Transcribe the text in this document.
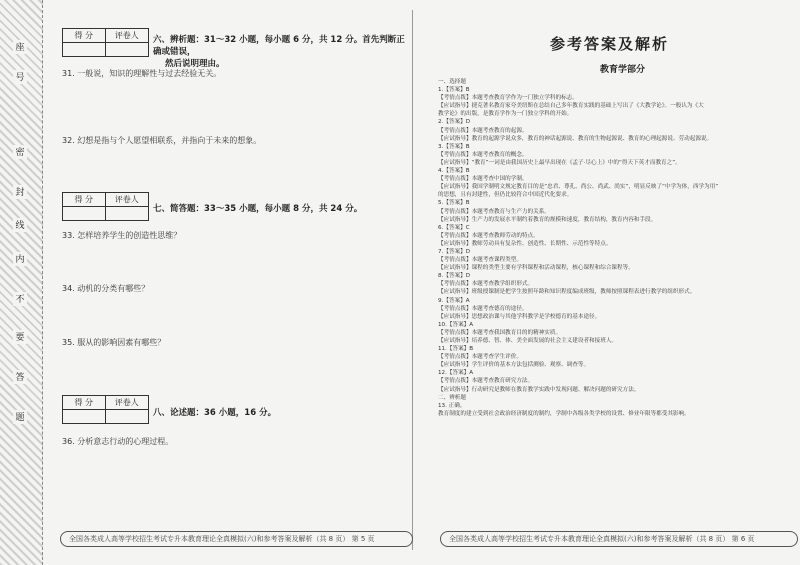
座
号
密
封
线
内
不
要
答
题
得 分	评卷人	六、辨析题：31～32 小题，每小题 6 分，共 12 分。首先判断正确或错误，
然后说明理由。
31. 一般说，知识的理解性与过去经验无关。
32. 幻想是指与个人愿望相联系，并指向于未来的想象。
得 分	评卷人
七、简答题：33～35 小题，每小题 8 分，共 24 分。
33. 怎样培养学生的创造性思维？
34. 动机的分类有哪些？
35. 服从的影响因素有哪些？
得 分	评卷人
八、论述题：36 小题，16 分。
36. 分析意志行动的心理过程。
全国各类成人高等学校招生考试专升本教育理论全真模拟(六)和参考答案及解析（共 8 页） 第 5 页
参考答案及解析
教育学部分
一、选择题
1.【答案】B
【考情点拨】本题考查教育学作为一门独立学科的标志。
【应试指导】捷克著名教育家夸美纽斯在总结自己多年教育实践的基础上写出了《大教学论》。一般认为《大
教学论》的出版，是教育学作为一门独立学科的开始。
2.【答案】D
【考情点拨】本题考查教育的起源。
【应试指导】教育的起源学说众多，教育的神话起源说、教育的生物起源说、教育的心理起源说、劳动起源说。
3.【答案】B
【考情点拨】本题考查教育的概念。
【应试指导】“教育”一词是由我国历史上最早出现在《孟子·尽心上》中的“得天下英才而教育之”。
4.【答案】B
【考情点拨】本题考查中国的学制。
【应试指导】我国学制明文规定教育目的是“忠君、尊孔、尚公、尚武、尚实”，明显反映了“中学为体，西学为用”
的思想，且有封建性，但仍比较符合中国近代化要求。
5.【答案】B
【考情点拨】本题考查教育与生产力的关系。
【应试指导】生产力的发展水平制约着教育的规模和速度，教育结构，教育内容和手段。
6.【答案】C
【考情点拨】本题考查教师劳动的特点。
【应试指导】教师劳动具有复杂性、创造性、长期性、示范性等特点。
7.【答案】D
【考情点拨】本题考查课程类型。
【应试指导】课程的类型主要有学科课程和活动课程，核心课程和综合课程等。
8.【答案】D
【考情点拨】本题考查教学组织形式。
【应试指导】班级授课制是把学生按照年龄和知识程度编成班级，教师按照课程表进行教学的组织形式。
9.【答案】A
【考情点拨】本题考查德育的途径。
【应试指导】思想政治课与其他学科教学是学校德育的基本途径。
10.【答案】A
【考情点拨】本题考查我国教育目的的精神实质。
【应试指导】培养德、智、体、美全面发展的社会主义建设者和接班人。
11.【答案】B
【考情点拨】本题考查学生评价。
【应试指导】学生评价的基本方法包括测验、观察、调查等。
12.【答案】A
【考情点拨】本题考查教育研究方法。
【应试指导】行动研究是教师在教育教学实践中发现问题、解决问题的研究方法。
二、辨析题
13. 正确。
教育制度的建立受到社会政治经济制度的制约，学制中各级各类学校的设置、修业年限等都受其影响。
全国各类成人高等学校招生考试专升本教育理论全真模拟(六)和参考答案及解析（共 8 页） 第 6 页
